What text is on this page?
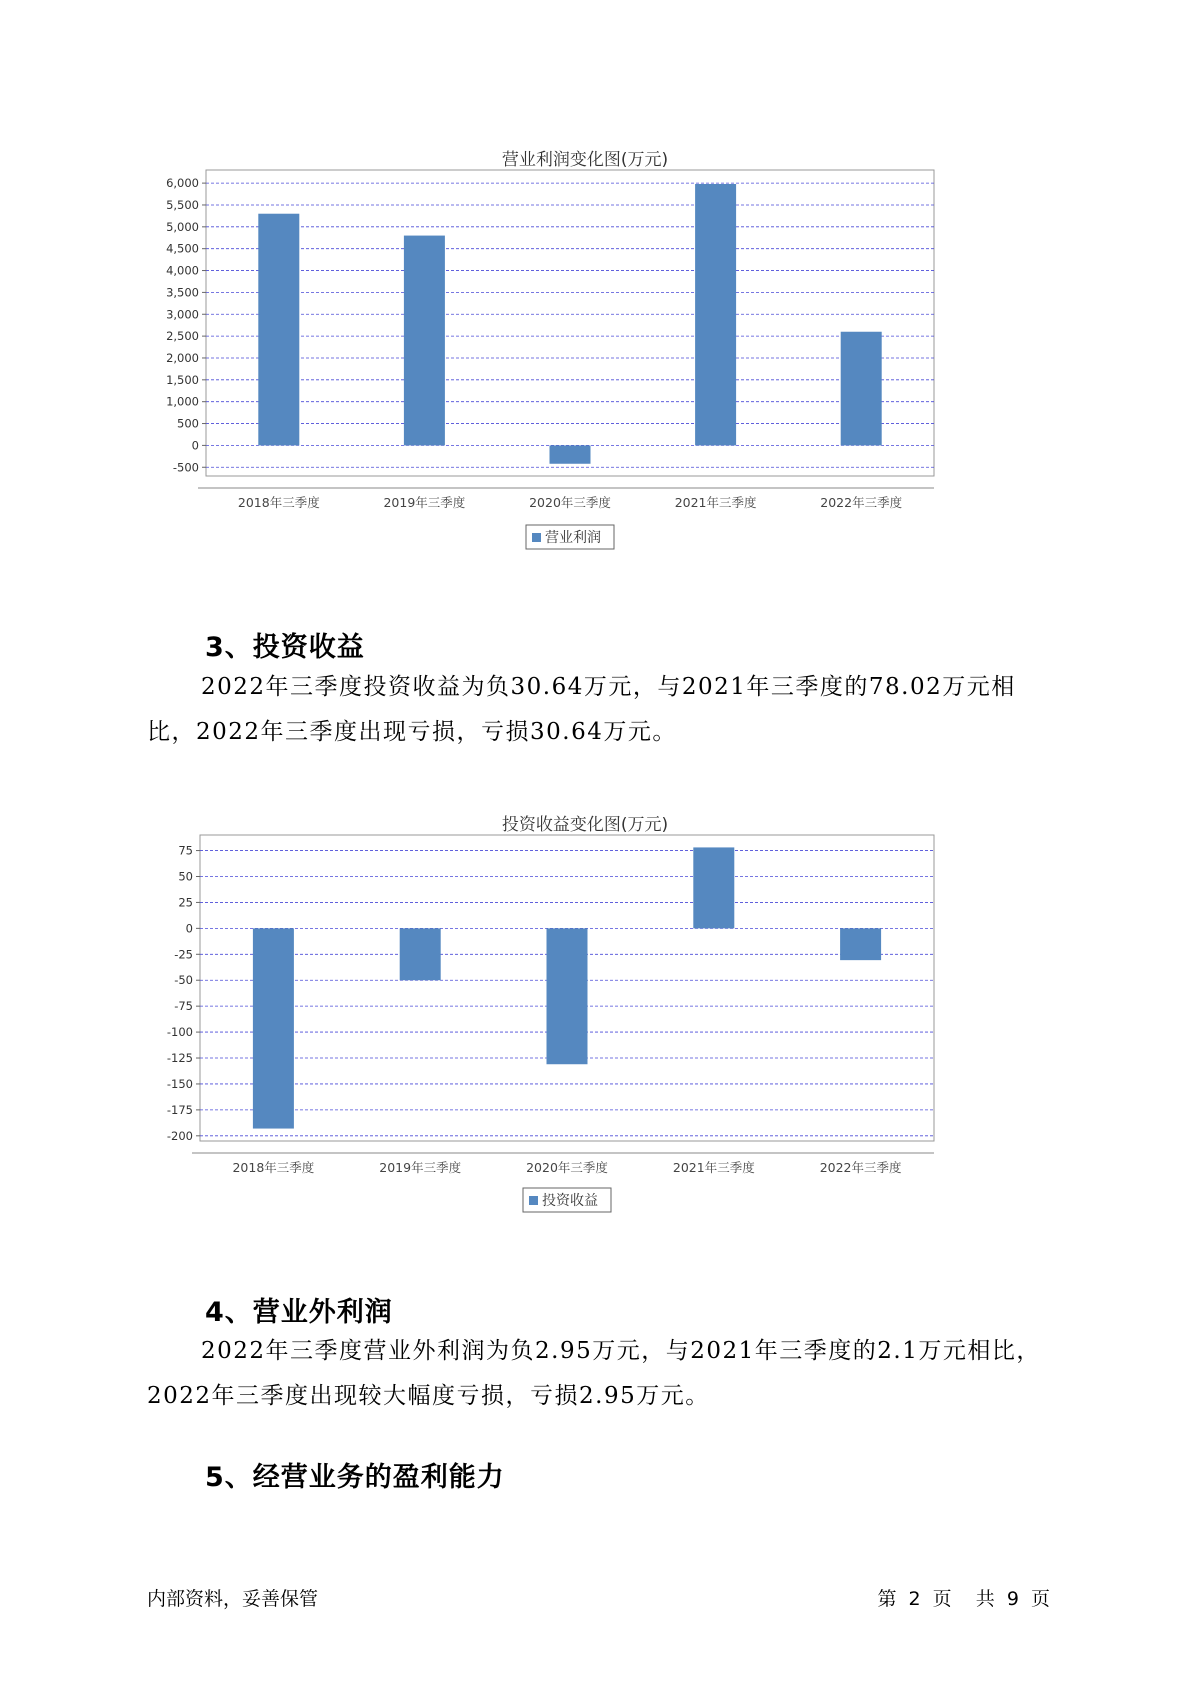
营业利润变化图(万元)
6,000
5,500
5,000
4,500
4,000
3,500
3,000
2,500
2,000
1,500
1,000
500
0
-500
2018年三季度	2019年三季度	2020年三季度	2021年三季度	2022年三季度
营业利润
3、投资收益

2022年三季度投资收益为负30.64万元，与2021年三季度的78.02万元相比，2022年三季度出现亏损，亏损30.64万元。

投资收益变化图(万元)
75
50
25
0
-25
-50
-75
-100
-125
-150
-175
-200
2018年三季度	2019年三季度	2020年三季度	2021年三季度	2022年三季度
投资收益
4、营业外利润

2022年三季度营业外利润为负2.95万元，与2021年三季度的2.1万元相比，2022年三季度出现较大幅度亏损，亏损2.95万元。

5、经营业务的盈利能力
内部资料，妥善保管	第 2 页 共 9 页
